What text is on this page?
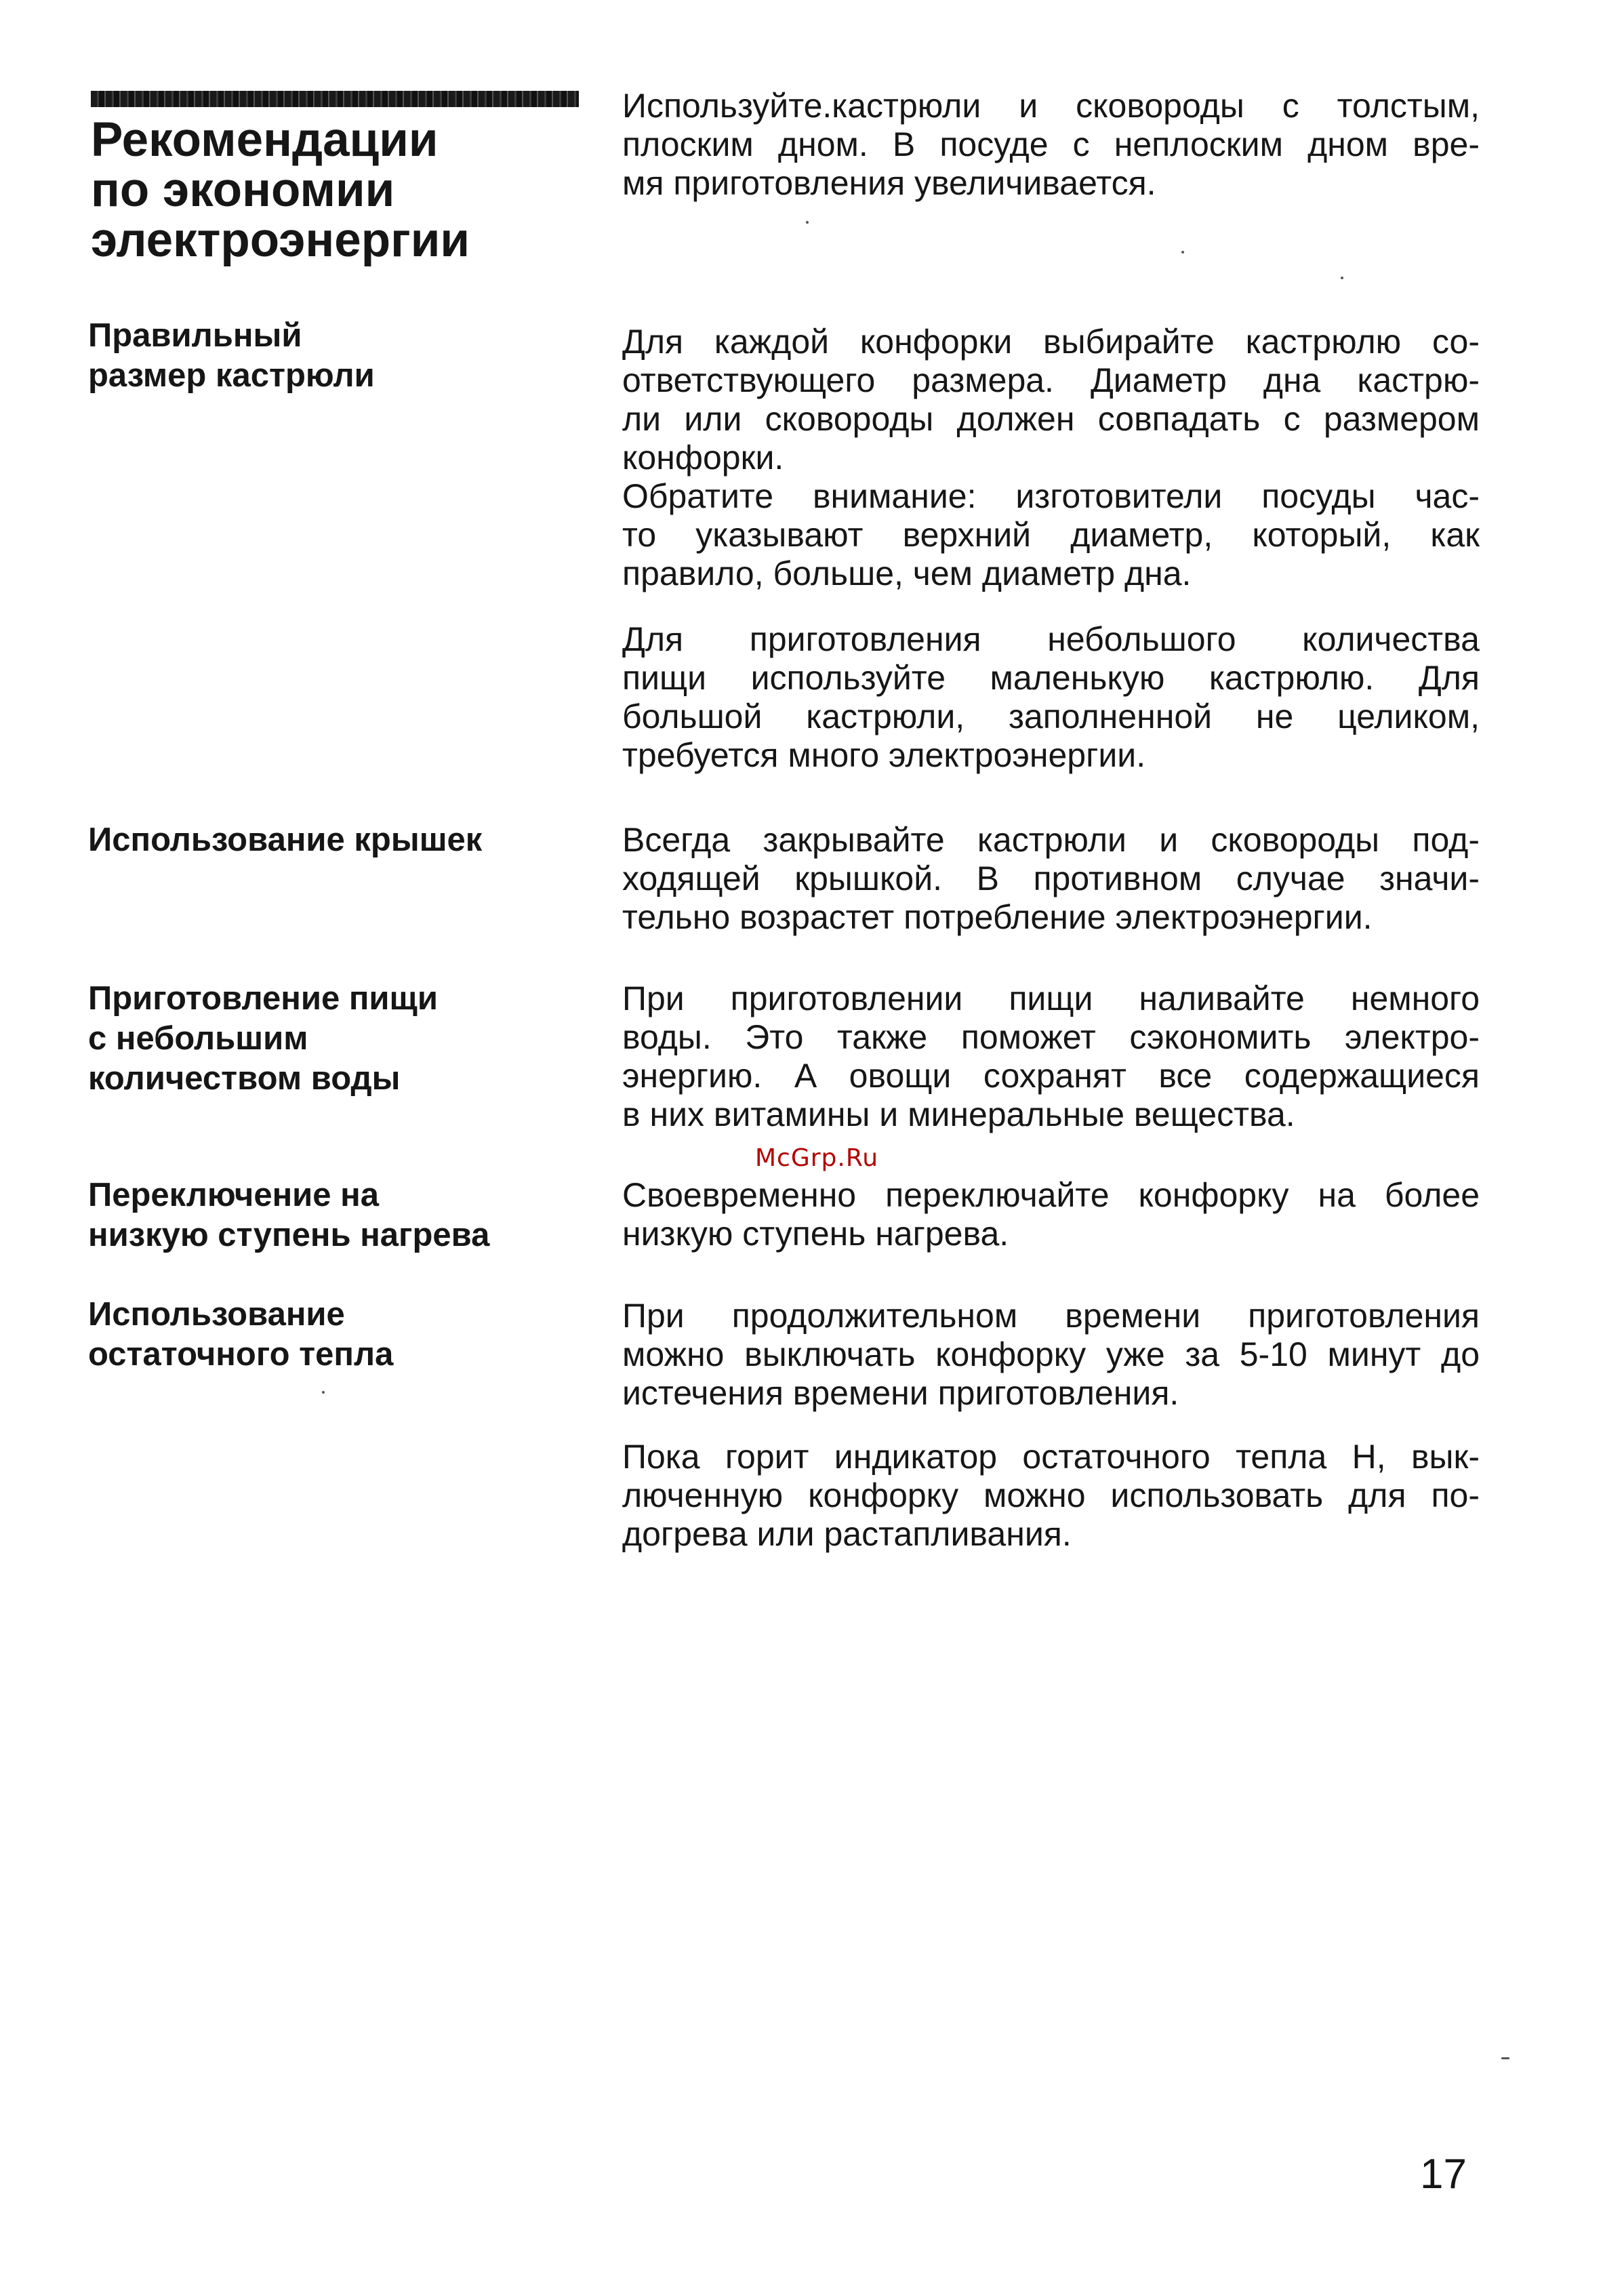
Рекомендации
по экономии
электроэнергии
Используйте.кастрюли и сковороды с толстым,
плоским дном. В посуде с неплоским дном вре-
мя приготовления увеличивается.
Правильный
размер кастрюли
Для каждой конфорки выбирайте кастрюлю со-
ответствующего размера. Диаметр дна кастрю-
ли или сковороды должен совпадать с размером
конфорки.
Обратите внимание: изготовители посуды час-
то указывают верхний диаметр, который, как
правило, больше, чем диаметр дна.
Для приготовления небольшого количества
пищи используйте маленькую кастрюлю. Для
большой кастрюли, заполненной не целиком,
требуется много электроэнергии.
Использование крышек	Всегда закрывайте кастрюли и сковороды под-
ходящей крышкой. В противном случае значи-
тельно возрастет потребление электроэнергии.
Приготовление пищи
с небольшим
количеством воды
При приготовлении пищи наливайте немного
воды. Это также поможет сэкономить электро-
энергию. А овощи сохранят все содержащиеся
в них витамины и минеральные вещества.
McGrp.Ru
Переключение на
низкую ступень нагрева
Своевременно переключайте конфорку на более
низкую ступень нагрева.
Использование
остаточного тепла
При продолжительном времени приготовления
можно выключать конфорку уже за 5-10 минут до
истечения времени приготовления.
Пока горит индикатор остаточного тепла H, вык-
люченную конфорку можно использовать для по-
догрева или растапливания.
17
